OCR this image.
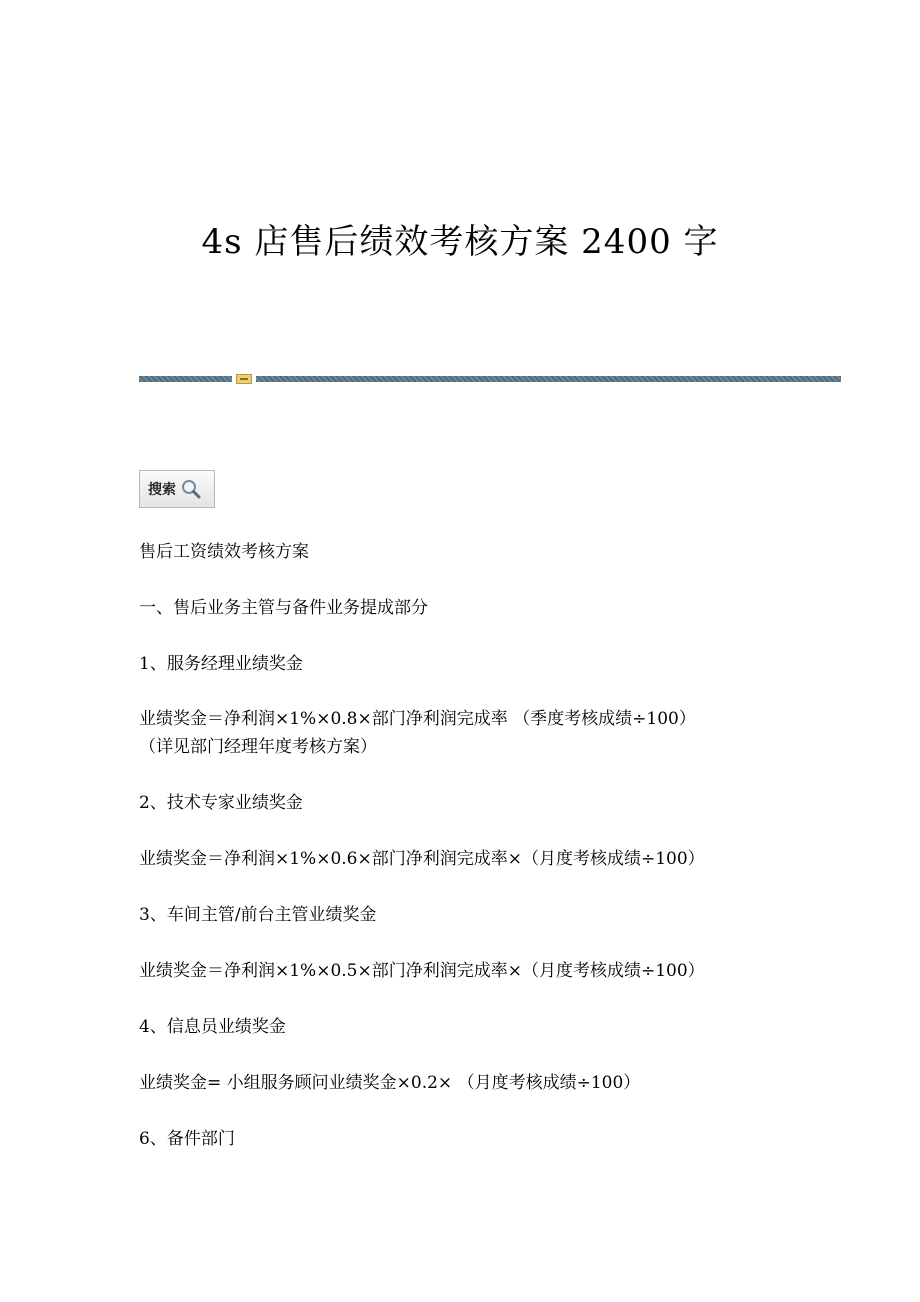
4s 店售后绩效考核方案 2400 字
搜索
售后工资绩效考核方案
一、售后业务主管与备件业务提成部分
1、服务经理业绩奖金
业绩奖金＝净利润×1%×0.8×部门净利润完成率 （季度考核成绩÷100）
（详见部门经理年度考核方案）
2、技术专家业绩奖金
业绩奖金＝净利润×1%×0.6×部门净利润完成率×（月度考核成绩÷100）
3、车间主管/前台主管业绩奖金
业绩奖金＝净利润×1%×0.5×部门净利润完成率×（月度考核成绩÷100）
4、信息员业绩奖金
业绩奖金= 小组服务顾问业绩奖金×0.2× （月度考核成绩÷100）
6、备件部门
